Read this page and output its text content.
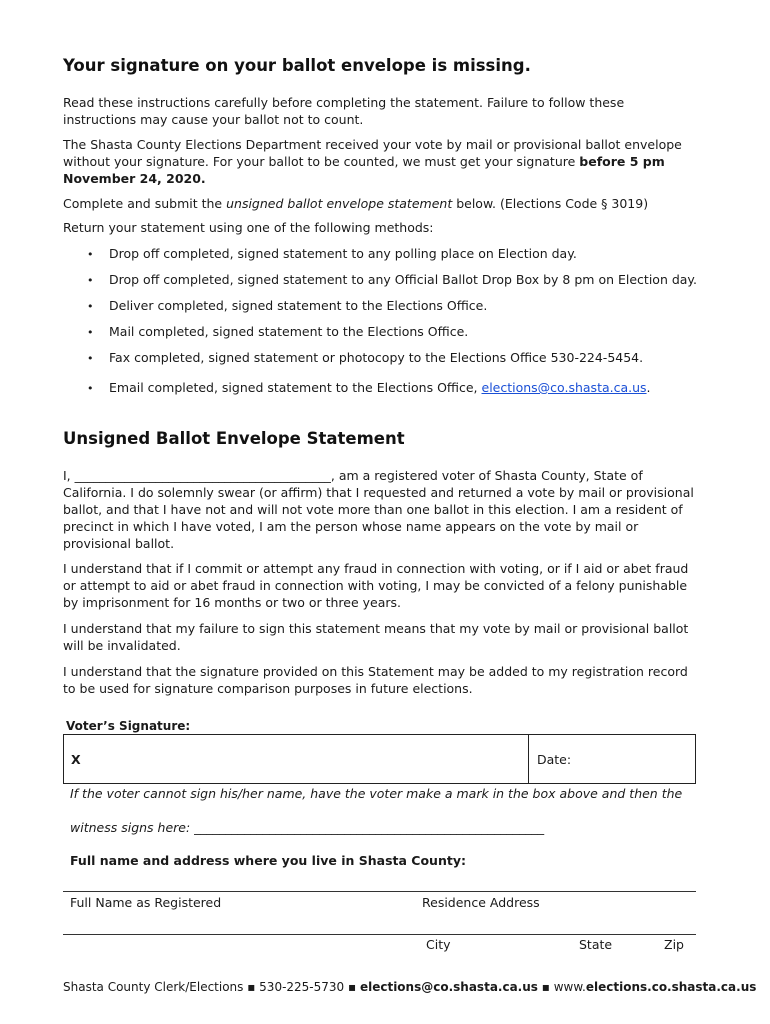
Your signature on your ballot envelope is missing.

Read these instructions carefully before completing the statement. Failure to follow these instructions may cause your ballot not to count.

The Shasta County Elections Department received your vote by mail or provisional ballot envelope without your signature. For your ballot to be counted, we must get your signature before 5 pm November 24, 2020.

Complete and submit the unsigned ballot envelope statement below. (Elections Code § 3019)

Return your statement using one of the following methods:

• Drop off completed, signed statement to any polling place on Election day.
• Drop off completed, signed statement to any Official Ballot Drop Box by 8 pm on Election day.
• Deliver completed, signed statement to the Elections Office.
• Mail completed, signed statement to the Elections Office.
• Fax completed, signed statement or photocopy to the Elections Office 530-224-5454.
• Email completed, signed statement to the Elections Office, elections@co.shasta.ca.us.
Unsigned Ballot Envelope Statement

I, _________________________________________, am a registered voter of Shasta County, State of California. I do solemnly swear (or affirm) that I requested and returned a vote by mail or provisional ballot, and that I have not and will not vote more than one ballot in this election. I am a resident of precinct in which I have voted, I am the person whose name appears on the vote by mail or provisional ballot.

I understand that if I commit or attempt any fraud in connection with voting, or if I aid or abet fraud or attempt to aid or abet fraud in connection with voting, I may be convicted of a felony punishable by imprisonment for 16 months or two or three years.

I understand that my failure to sign this statement means that my vote by mail or provisional ballot will be invalidated.

I understand that the signature provided on this Statement may be added to my registration record to be used for signature comparison purposes in future elections.

Voter’s Signature:

X	Date:

If the voter cannot sign his/her name, have the voter make a mark in the box above and then the

witness signs here: ________________________________________________________

Full name and address where you live in Shasta County:

Full Name as Registered	Residence Address
City	State	Zip
Shasta County Clerk/Elections ▪ 530-225-5730 ▪ elections@co.shasta.ca.us ▪ www.elections.co.shasta.ca.us
